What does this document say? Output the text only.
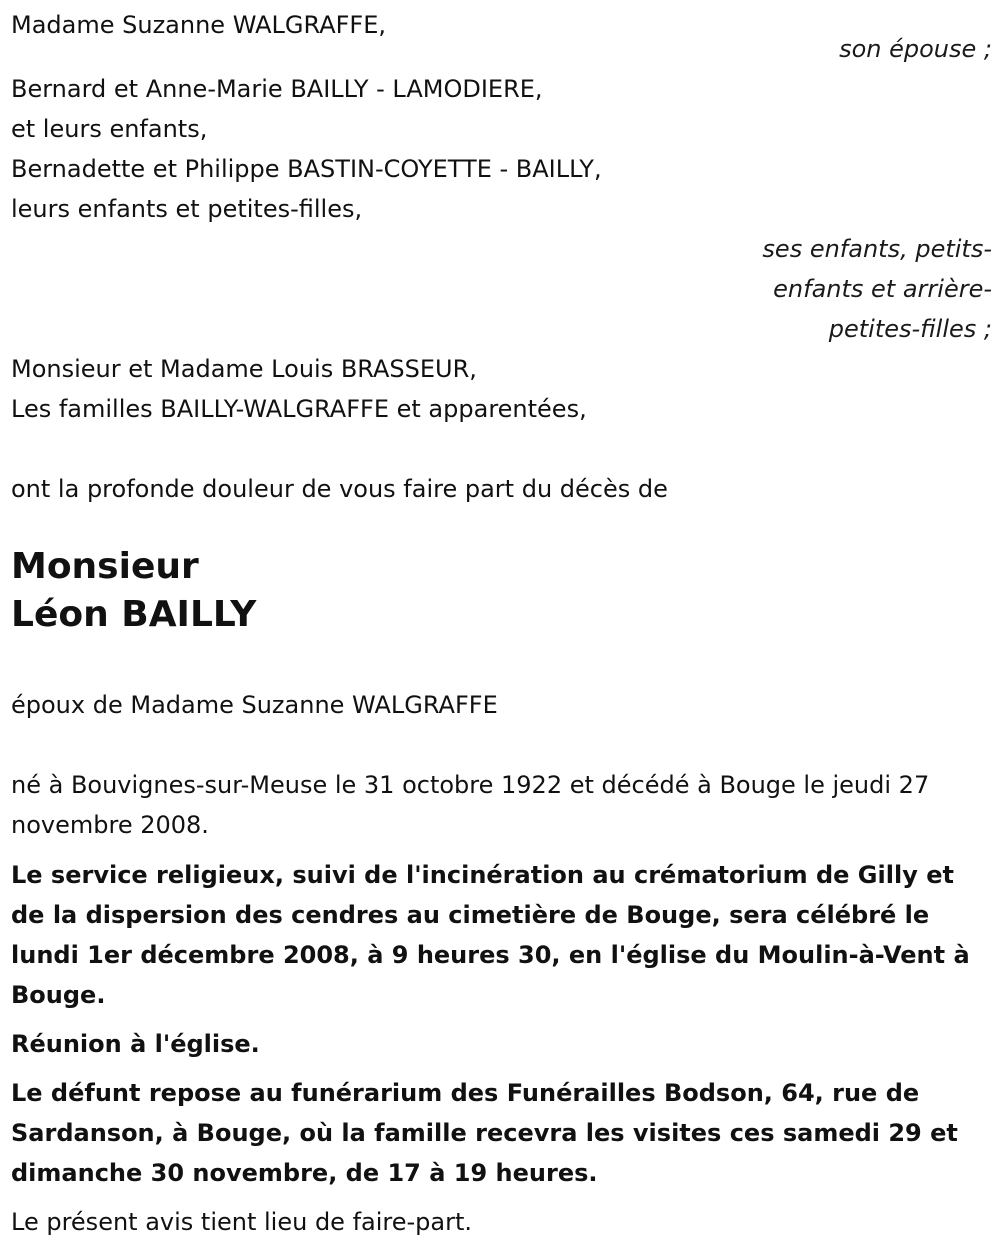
Madame Suzanne WALGRAFFE,
son épouse ;
Bernard et Anne-Marie BAILLY - LAMODIERE,
et leurs enfants,
Bernadette et Philippe BASTIN-COYETTE - BAILLY,
leurs enfants et petites-filles,
ses enfants, petits-
enfants et arrière-
petites-filles ;
Monsieur et Madame Louis BRASSEUR,
Les familles BAILLY-WALGRAFFE et apparentées,
ont la profonde douleur de vous faire part du décès de
Monsieur
Léon BAILLY
époux de Madame Suzanne WALGRAFFE
né à Bouvignes-sur-Meuse le 31 octobre 1922 et décédé à Bouge le jeudi 27 novembre 2008.
Le service religieux, suivi de l'incinération au crématorium de Gilly et de la dispersion des cendres au cimetière de Bouge, sera célébré le lundi 1er décembre 2008, à 9 heures 30, en l'église du Moulin-à-Vent à Bouge.
Réunion à l'église.
Le défunt repose au funérarium des Funérailles Bodson, 64, rue de Sardanson, à Bouge, où la famille recevra les visites ces samedi 29 et dimanche 30 novembre, de 17 à 19 heures.
Le présent avis tient lieu de faire-part.
